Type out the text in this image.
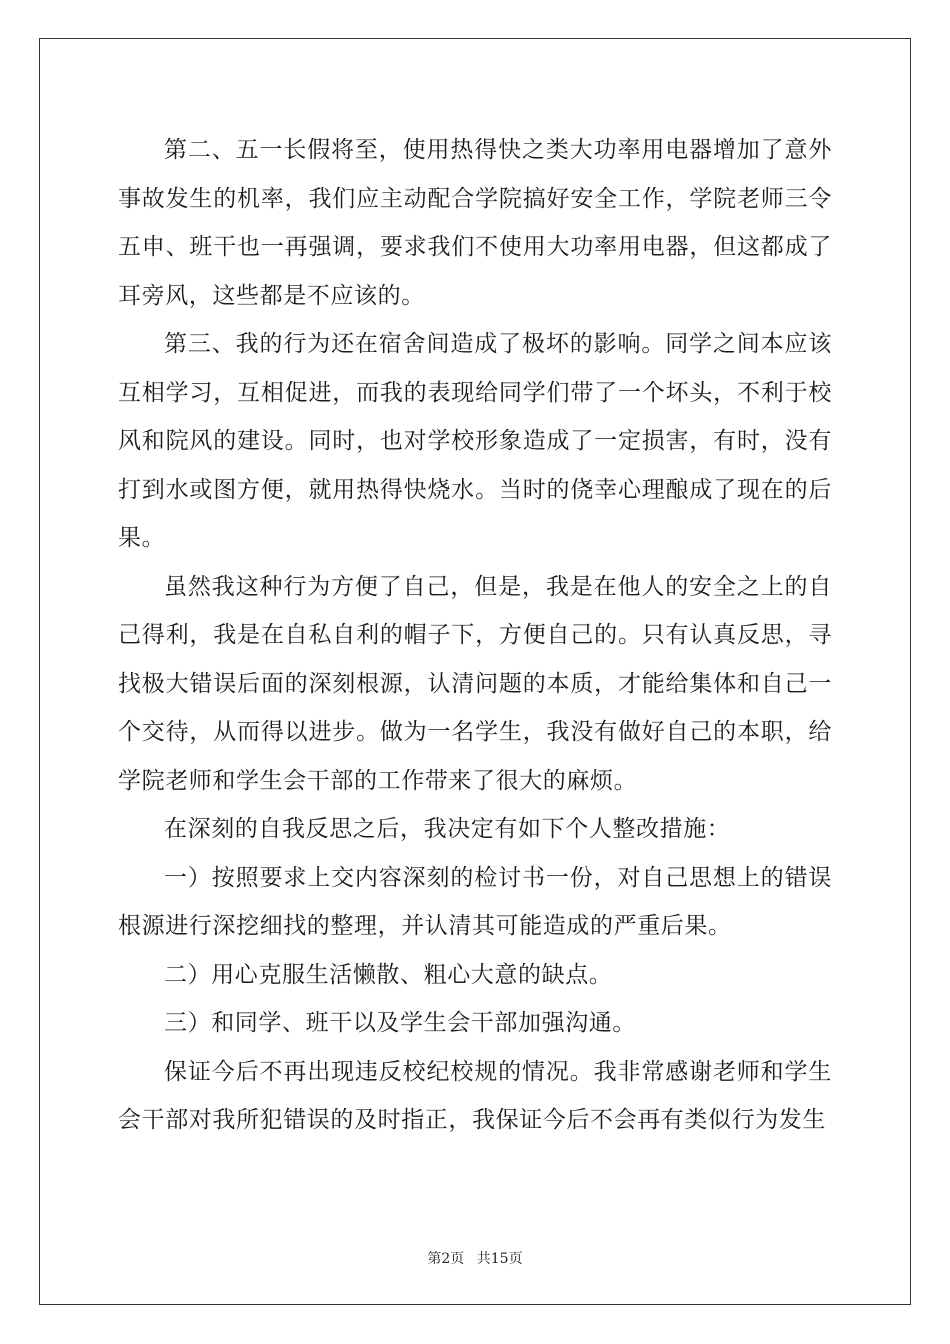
第二、五一长假将至，使用热得快之类大功率用电器增加了意外事故发生的机率，我们应主动配合学院搞好安全工作，学院老师三令五申、班干也一再强调，要求我们不使用大功率用电器，但这都成了耳旁风，这些都是不应该的。

第三、我的行为还在宿舍间造成了极坏的影响。同学之间本应该互相学习，互相促进，而我的表现给同学们带了一个坏头，不利于校风和院风的建设。同时，也对学校形象造成了一定损害，有时，没有打到水或图方便，就用热得快烧水。当时的侥幸心理酿成了现在的后果。

虽然我这种行为方便了自己，但是，我是在他人的安全之上的自己得利，我是在自私自利的帽子下，方便自己的。只有认真反思，寻找极大错误后面的深刻根源，认清问题的本质，才能给集体和自己一个交待，从而得以进步。做为一名学生，我没有做好自己的本职，给学院老师和学生会干部的工作带来了很大的麻烦。

在深刻的自我反思之后，我决定有如下个人整改措施：

一）按照要求上交内容深刻的检讨书一份，对自己思想上的错误根源进行深挖细找的整理，并认清其可能造成的严重后果。

二）用心克服生活懒散、粗心大意的缺点。

三）和同学、班干以及学生会干部加强沟通。

保证今后不再出现违反校纪校规的情况。我非常感谢老师和学生会干部对我所犯错误的及时指正，我保证今后不会再有类似行为发生

第2页 共15页
